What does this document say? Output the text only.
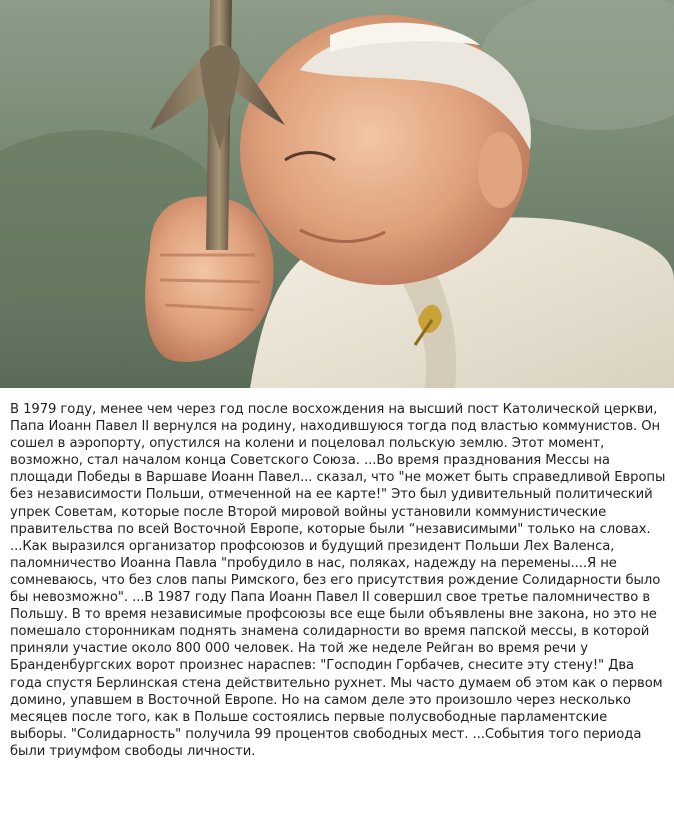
В 1979 году, менее чем через год после восхождения на высший пост Католической церкви, Папа Иоанн Павел II вернулся на родину, находившуюся тогда под властью коммунистов. Он сошел в аэропорту, опустился на колени и поцеловал польскую землю. Этот момент, возможно, стал началом конца Советского Союза. ...Во время празднования Мессы на площади Победы в Варшаве Иоанн Павел... сказал, что "не может быть справедливой Европы без независимости Польши, отмеченной на ее карте!" Это был удивительный политический упрек Советам, которые после Второй мировой войны установили коммунистические правительства по всей Восточной Европе, которые были “независимыми" только на словах. ...Как выразился организатор профсоюзов и будущий президент Польши Лех Валенса, паломничество Иоанна Павла "пробудило в нас, поляках, надежду на перемены....Я не сомневаюсь, что без слов папы Римского, без его присутствия рождение Солидарности было бы невозможно". ...В 1987 году Папа Иоанн Павел II совершил свое третье паломничество в Польшу. В то время независимые профсоюзы все еще были объявлены вне закона, но это не помешало сторонникам поднять знамена солидарности во время папской мессы, в которой приняли участие около 800 000 человек. На той же неделе Рейган во время речи у Бранденбургских ворот произнес нараспев: "Господин Горбачев, снесите эту стену!" Два года спустя Берлинская стена действительно рухнет. Мы часто думаем об этом как о первом домино, упавшем в Восточной Европе. Но на самом деле это произошло через несколько месяцев после того, как в Польше состоялись первые полусвободные парламентские выборы. "Солидарность" получила 99 процентов свободных мест. ...События того периода были триумфом свободы личности.
